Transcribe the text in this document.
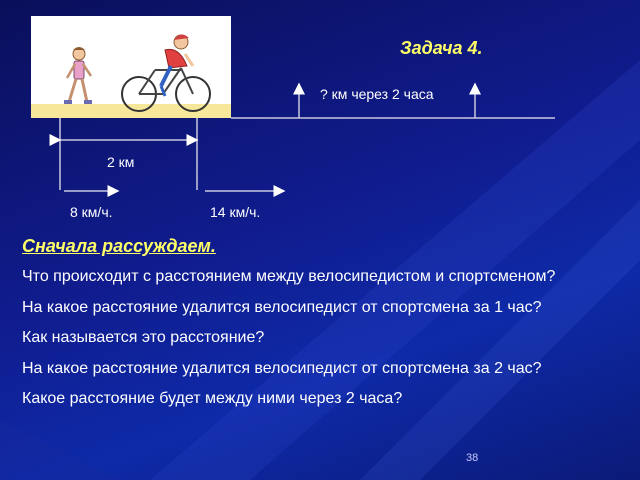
Задача 4.
? км через 2 часа
2 км
8 км/ч.	14 км/ч.
Сначала рассуждаем.
Что происходит с расстоянием между велосипедистом и спортсменом?
На какое расстояние удалится велосипедист от спортсмена за 1 час?
Как называется это расстояние?
На какое расстояние удалится велосипедист от спортсмена за 2 час?
Какое расстояние будет между ними через 2 часа?
38
